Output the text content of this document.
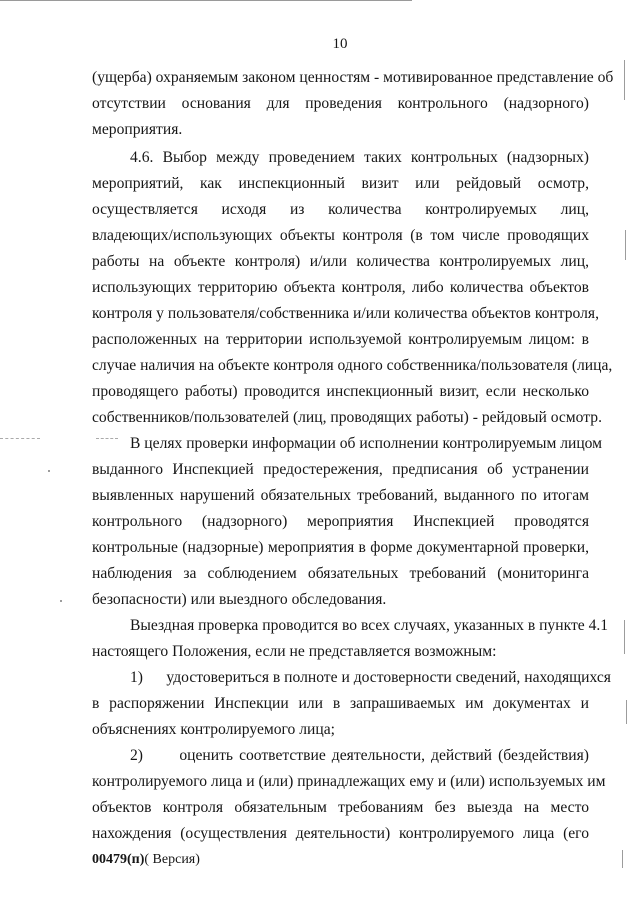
10
(ущерба) охраняемым законом ценностям - мотивированное представление об
отсутствии основания для проведения контрольного (надзорного)
мероприятия.
4.6. Выбор между проведением таких контрольных (надзорных)
мероприятий, как инспекционный визит или рейдовый осмотр,
осуществляется исходя из количества контролируемых лиц,
владеющих/использующих объекты контроля (в том числе проводящих
работы на объекте контроля) и/или количества контролируемых лиц,
использующих территорию объекта контроля, либо количества объектов
контроля у пользователя/собственника и/или количества объектов контроля,
расположенных на территории используемой контролируемым лицом: в
случае наличия на объекте контроля одного собственника/пользователя (лица,
проводящего работы) проводится инспекционный визит, если несколько
собственников/пользователей (лиц, проводящих работы) - рейдовый осмотр.
В целях проверки информации об исполнении контролируемым лицом
выданного Инспекцией предостережения, предписания об устранении
выявленных нарушений обязательных требований, выданного по итогам
контрольного (надзорного) мероприятия Инспекцией проводятся
контрольные (надзорные) мероприятия в форме документарной проверки,
наблюдения за соблюдением обязательных требований (мониторинга
безопасности) или выездного обследования.
Выездная проверка проводится во всех случаях, указанных в пункте 4.1
настоящего Положения, если не представляется возможным:
1)      удостовериться в полноте и достоверности сведений, находящихся
в распоряжении Инспекции или в запрашиваемых им документах и
объяснениях контролируемого лица;
2)      оценить соответствие деятельности, действий (бездействия)
контролируемого лица и (или) принадлежащих ему и (или) используемых им
объектов контроля обязательным требованиям без выезда на место
нахождения (осуществления деятельности) контролируемого лица (его
00479(п)( Версия)
